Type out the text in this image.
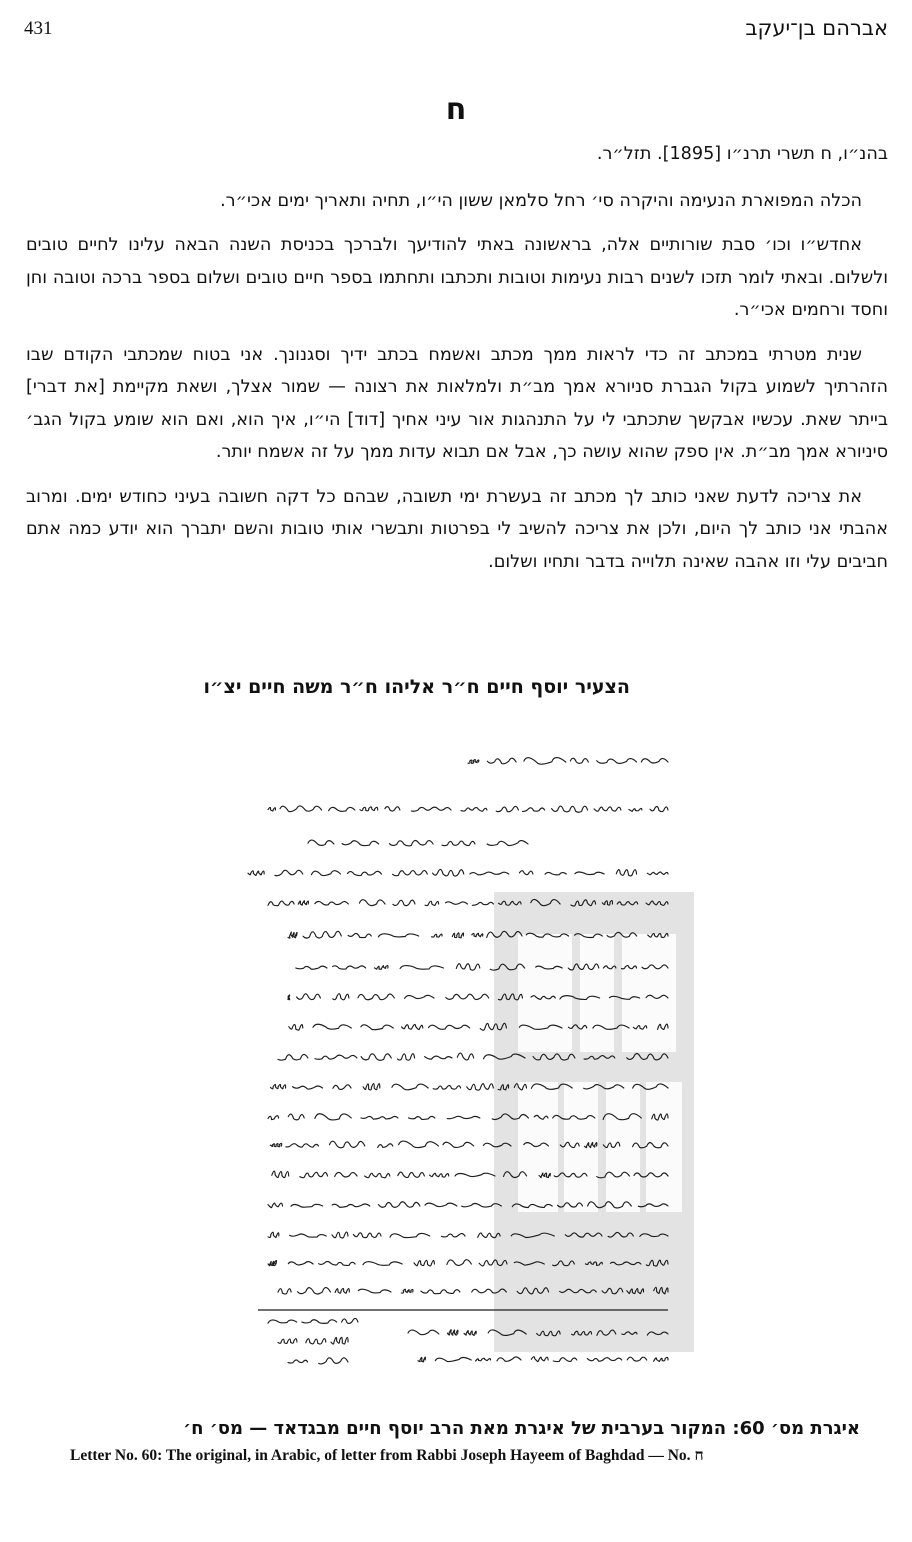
431	אברהם בן־יעקב
ח

בהנ״ו, ח תשרי תרנ״ו [1895]. תזל״ר.

הכלה המפוארת הנעימה והיקרה סי׳ רחל סלמאן ששון הי״ו, תחיה ותאריך ימים אכי״ר.

אחדש״ו וכו׳ סבת שורותיים אלה, בראשונה באתי להודיעך ולברכך בכניסת השנה הבאה עלינו לחיים טובים ולשלום. ובאתי לומר תזכו לשנים רבות נעימות וטובות ותכתבו ותחתמו בספר חיים טובים ושלום בספר ברכה וטובה וחן וחסד ורחמים אכי״ר.

שנית מטרתי במכתב זה כדי לראות ממך מכתב ואשמח בכתב ידיך וסגנונך. אני בטוח שמכתבי הקודם שבו הזהרתיך לשמוע בקול הגברת סניורא אמך מב״ת ולמלאות את רצונה — שמור אצלך, ושאת מקיימת [את דברי] בייתר שאת. עכשיו אבקשך שתכתבי לי על התנהגות אור עיני אחיך [דוד] הי״ו, איך הוא, ואם הוא שומע בקול הגב׳ סיניורא אמך מב״ת. אין ספק שהוא עושה כך, אבל אם תבוא עדות ממך על זה אשמח יותר.

את צריכה לדעת שאני כותב לך מכתב זה בעשרת ימי תשובה, שבהם כל דקה חשובה בעיני כחודש ימים. ומרוב אהבתי אני כותב לך היום, ולכן את צריכה להשיב לי בפרטות ותבשרי אותי טובות והשם יתברך הוא יודע כמה אתם חביבים עלי וזו אהבה שאינה תלוייה בדבר ותחיו ושלום.

הצעיר יוסף חיים ח״ר אליהו ח״ר משה חיים יצ״ו
איגרת מס׳ 60: המקור בערבית של איגרת מאת הרב יוסף חיים מבגדאד — מס׳ ח׳
Letter No. 60: The original, in Arabic, of letter from Rabbi Joseph Hayeem of Baghdad — No. ח
